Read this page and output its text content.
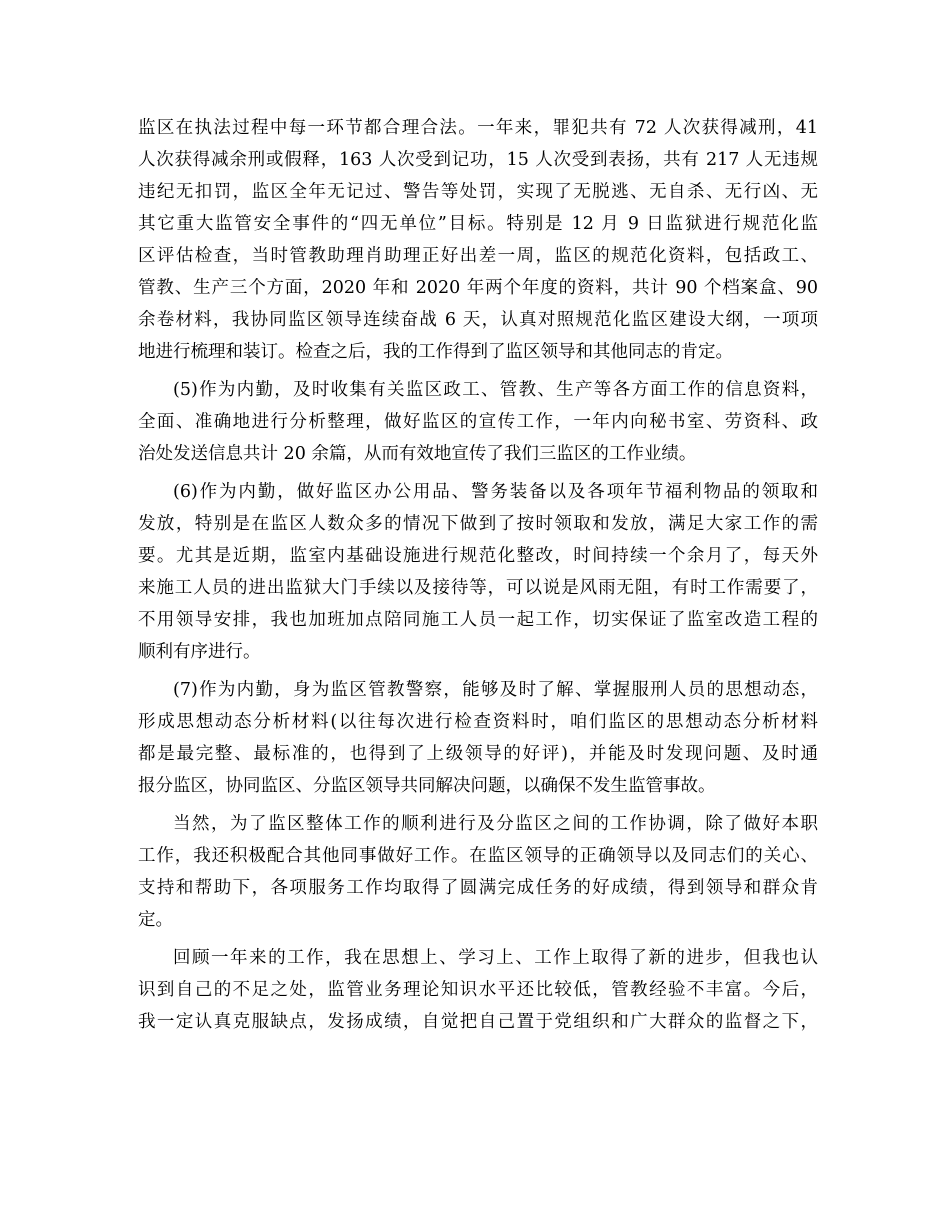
监区在执法过程中每一环节都合理合法。一年来，罪犯共有 72 人次获得减刑，41
人次获得减余刑或假释，163 人次受到记功，15 人次受到表扬，共有 217 人无违规
违纪无扣罚，监区全年无记过、警告等处罚，实现了无脱逃、无自杀、无行凶、无
其它重大监管安全事件的“四无单位”目标。特别是 12 月 9 日监狱进行规范化监
区评估检查，当时管教助理肖助理正好出差一周，监区的规范化资料，包括政工、
管教、生产三个方面，2020 年和 2020 年两个年度的资料，共计 90 个档案盒、90
余卷材料，我协同监区领导连续奋战 6 天，认真对照规范化监区建设大纲，一项项
地进行梳理和装订。检查之后，我的工作得到了监区领导和其他同志的肯定。
(5)作为内勤，及时收集有关监区政工、管教、生产等各方面工作的信息资料，
全面、准确地进行分析整理，做好监区的宣传工作，一年内向秘书室、劳资科、政
治处发送信息共计 20 余篇，从而有效地宣传了我们三监区的工作业绩。
(6)作为内勤，做好监区办公用品、警务装备以及各项年节福利物品的领取和
发放，特别是在监区人数众多的情况下做到了按时领取和发放，满足大家工作的需
要。尤其是近期，监室内基础设施进行规范化整改，时间持续一个余月了，每天外
来施工人员的进出监狱大门手续以及接待等，可以说是风雨无阻，有时工作需要了，
不用领导安排，我也加班加点陪同施工人员一起工作，切实保证了监室改造工程的
顺利有序进行。
(7)作为内勤，身为监区管教警察，能够及时了解、掌握服刑人员的思想动态，
形成思想动态分析材料(以往每次进行检查资料时，咱们监区的思想动态分析材料
都是最完整、最标准的，也得到了上级领导的好评)，并能及时发现问题、及时通
报分监区，协同监区、分监区领导共同解决问题，以确保不发生监管事故。
当然，为了监区整体工作的顺利进行及分监区之间的工作协调，除了做好本职
工作，我还积极配合其他同事做好工作。在监区领导的正确领导以及同志们的关心、
支持和帮助下，各项服务工作均取得了圆满完成任务的好成绩，得到领导和群众肯
定。
回顾一年来的工作，我在思想上、学习上、工作上取得了新的进步，但我也认
识到自己的不足之处，监管业务理论知识水平还比较低，管教经验不丰富。今后，
我一定认真克服缺点，发扬成绩，自觉把自己置于党组织和广大群众的监督之下，
